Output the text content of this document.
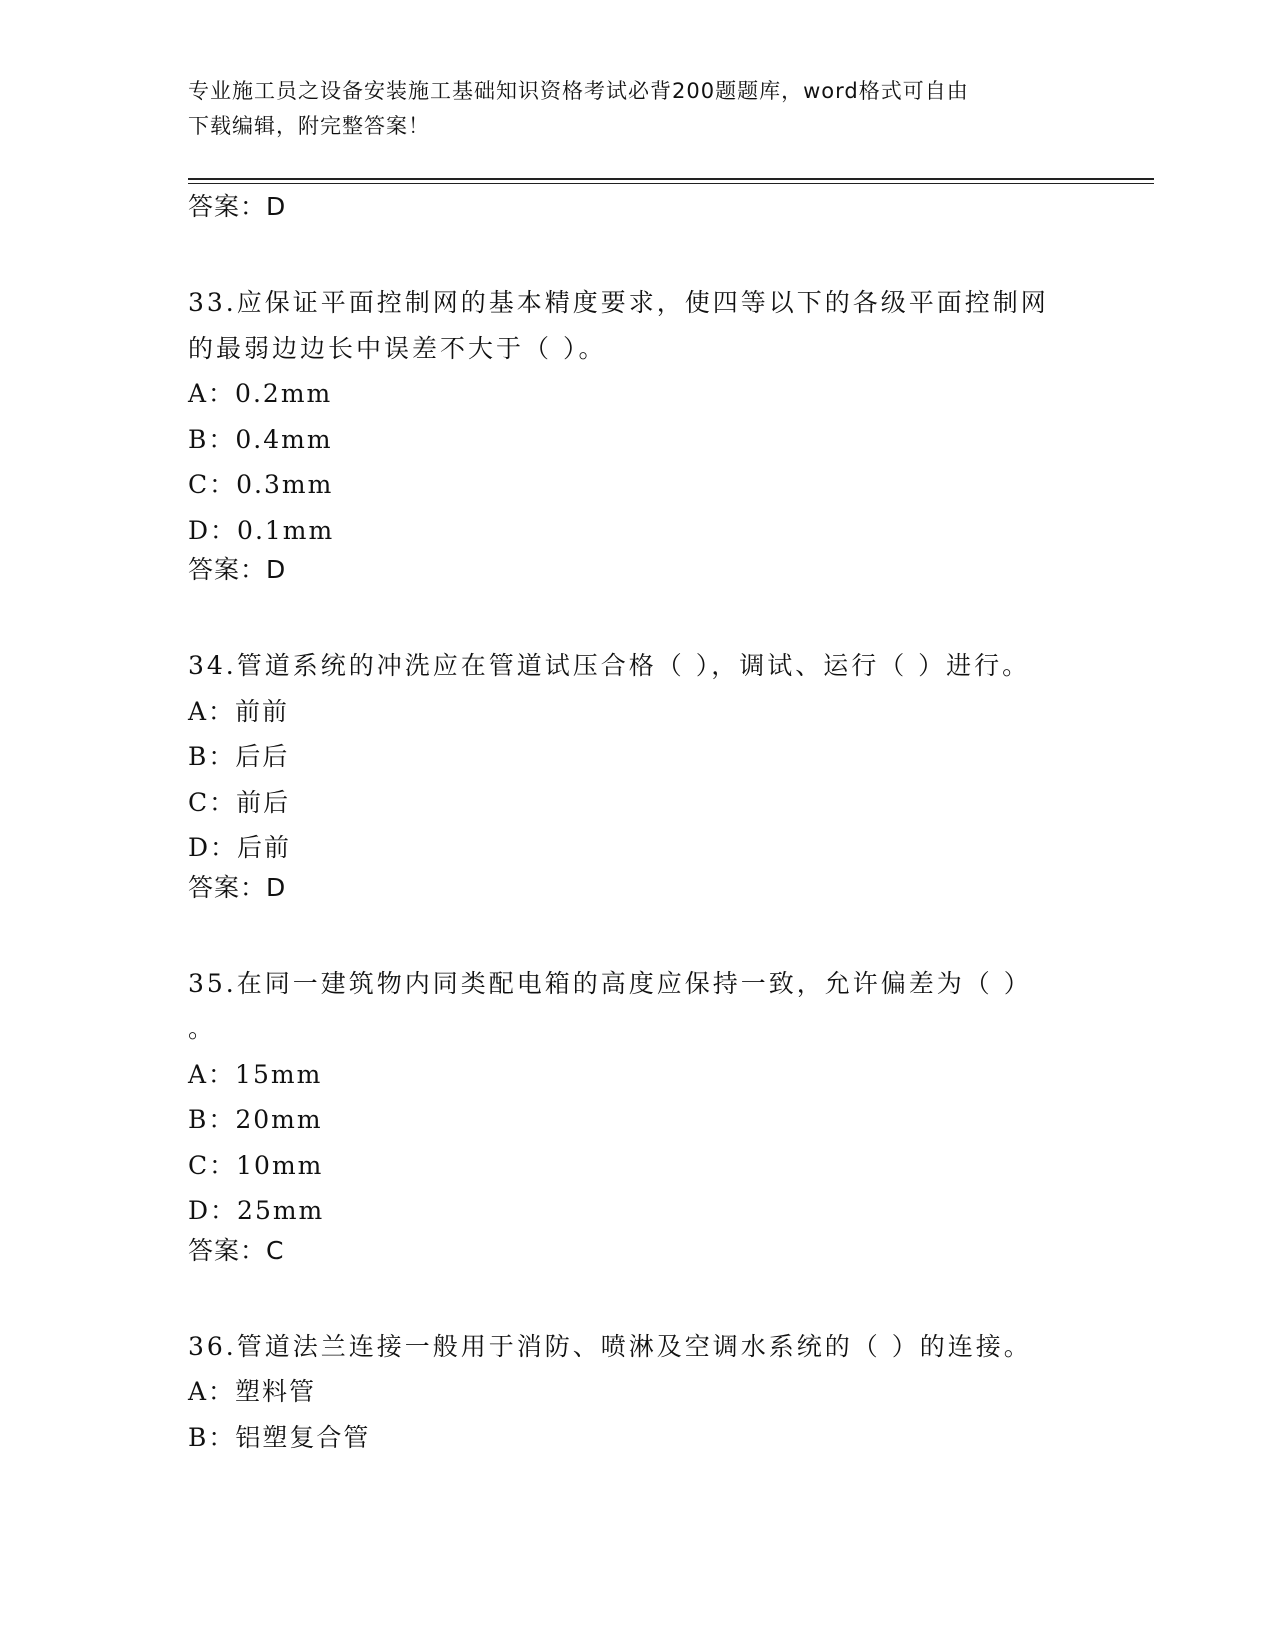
专业施工员之设备安装施工基础知识资格考试必背200题题库，word格式可自由
下载编辑，附完整答案！
答案：D
33.应保证平面控制网的基本精度要求，使四等以下的各级平面控制网
的最弱边边长中误差不大于（ ）。
A：0.2mm
B：0.4mm
C：0.3mm
D：0.1mm
答案：D
34.管道系统的冲洗应在管道试压合格（ ），调试、运行（ ）进行。
A：前前
B：后后
C：前后
D：后前
答案：D
35.在同一建筑物内同类配电箱的高度应保持一致，允许偏差为（ ）
。
A：15mm
B：20mm
C：10mm
D：25mm
答案：C
36.管道法兰连接一般用于消防、喷淋及空调水系统的（ ）的连接。
A：塑料管
B：铝塑复合管
